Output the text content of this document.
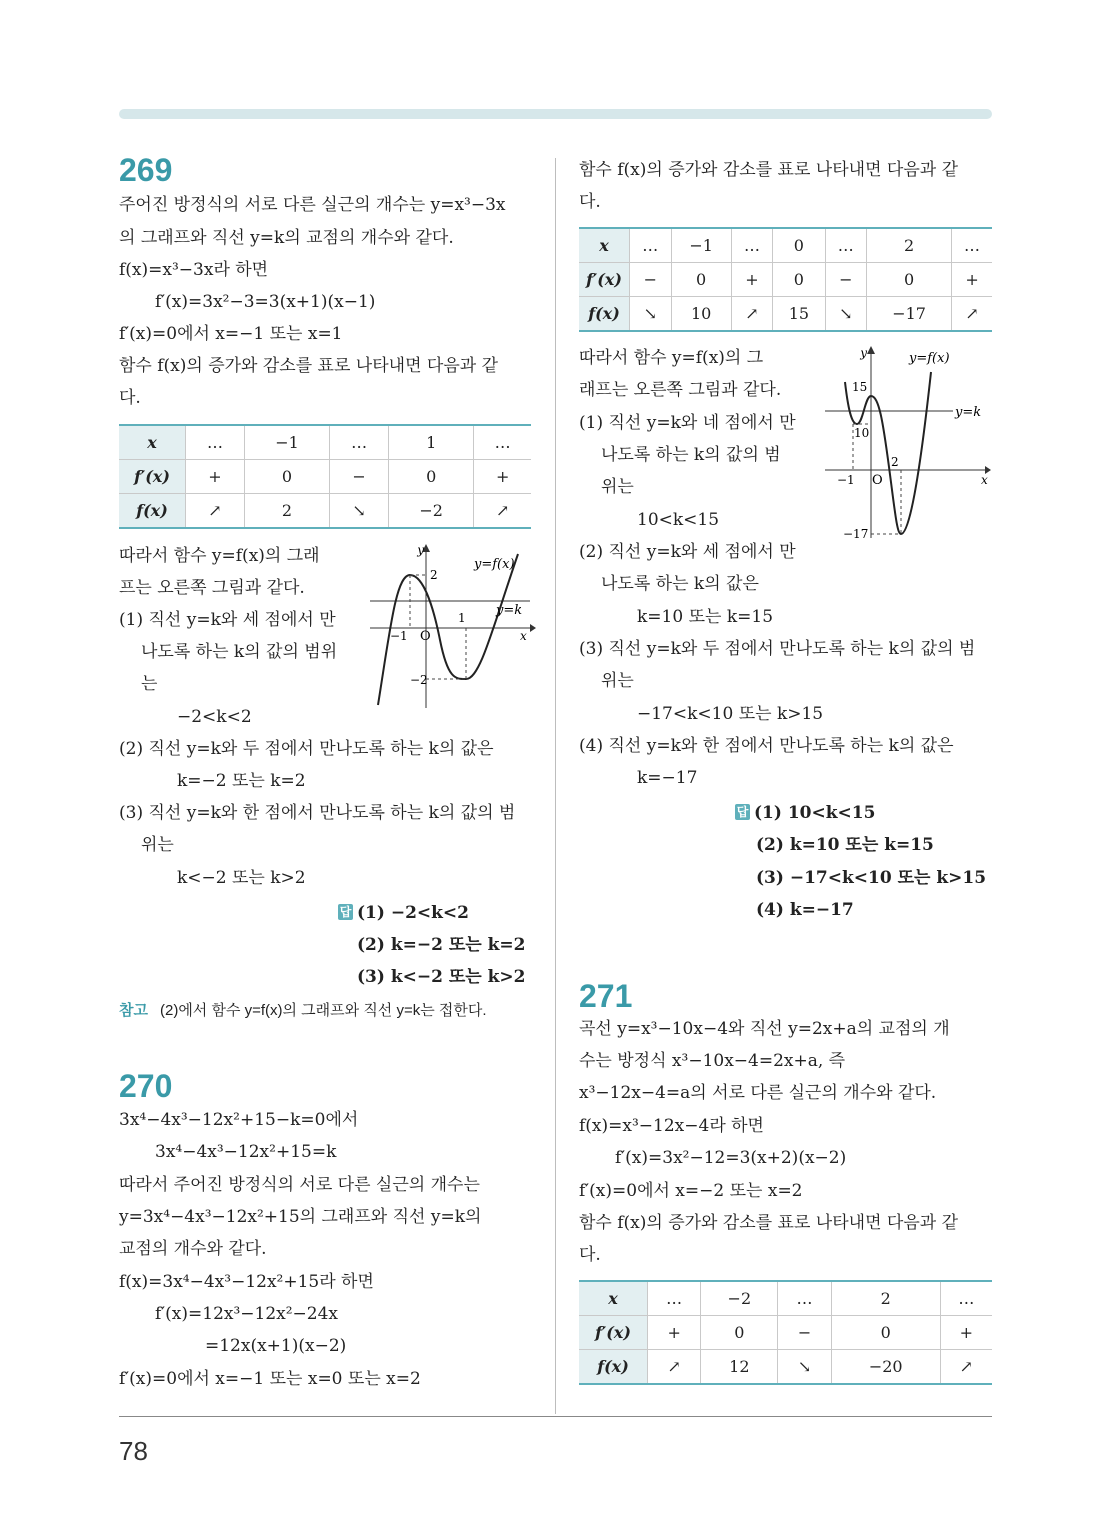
269
주어진 방정식의 서로 다른 실근의 개수는 y=x³−3x
의 그래프와 직선 y=k의 교점의 개수와 같다.
f(x)=x³−3x라 하면
f′(x)=3x²−3=3(x+1)(x−1)
f′(x)=0에서 x=−1 또는 x=1
함수 f(x)의 증가와 감소를 표로 나타내면 다음과 같
다.
x	…	−1	…	1	…
f′(x)	+	0	−	0	+
f(x)	↗	2	↘	−2	↗
따라서 함수 y=f(x)의 그래
프는 오른쪽 그림과 같다.
(1) 직선 y=k와 세 점에서 만
나도록 하는 k의 값의 범위
는
−2<k<2
(2) 직선 y=k와 두 점에서 만나도록 하는 k의 값은
k=−2 또는 k=2
(3) 직선 y=k와 한 점에서 만나도록 하는 k의 값의 범
위는
k<−2 또는 k>2
y
y=f(x)
y=k
x
O
−1
1
2
−2
답 (1) −2<k<2
(2) k=−2 또는 k=2
(3) k<−2 또는 k>2
참고 (2)에서 함수 y=f(x)의 그래프와 직선 y=k는 접한다.
270
3x⁴−4x³−12x²+15−k=0에서
3x⁴−4x³−12x²+15=k
따라서 주어진 방정식의 서로 다른 실근의 개수는
y=3x⁴−4x³−12x²+15의 그래프와 직선 y=k의
교점의 개수와 같다.
f(x)=3x⁴−4x³−12x²+15라 하면
f′(x)=12x³−12x²−24x
=12x(x+1)(x−2)
f′(x)=0에서 x=−1 또는 x=0 또는 x=2
함수 f(x)의 증가와 감소를 표로 나타내면 다음과 같
다.
x	…	−1	…	0	…	2	…
f′(x)	−	0	+	0	−	0	+
f(x)	↘	10	↗	15	↘	−17	↗
따라서 함수 y=f(x)의 그
래프는 오른쪽 그림과 같다.
(1) 직선 y=k와 네 점에서 만
나도록 하는 k의 값의 범
위는
10<k<15
(2) 직선 y=k와 세 점에서 만
나도록 하는 k의 값은
k=10 또는 k=15
(3) 직선 y=k와 두 점에서 만나도록 하는 k의 값의 범
위는
−17<k<10 또는 k>15
(4) 직선 y=k와 한 점에서 만나도록 하는 k의 값은
k=−17
y	y=f(x)
y=k
x
O
15
10
−1
2
−17
답 (1) 10<k<15
(2) k=10 또는 k=15
(3) −17<k<10 또는 k>15
(4) k=−17
271
곡선 y=x³−10x−4와 직선 y=2x+a의 교점의 개
수는 방정식 x³−10x−4=2x+a, 즉
x³−12x−4=a의 서로 다른 실근의 개수와 같다.
f(x)=x³−12x−4라 하면
f′(x)=3x²−12=3(x+2)(x−2)
f′(x)=0에서 x=−2 또는 x=2
함수 f(x)의 증가와 감소를 표로 나타내면 다음과 같
다.
x	…	−2	…	2	…
f′(x)	+	0	−	0	+
f(x)	↗	12	↘	−20	↗
78
